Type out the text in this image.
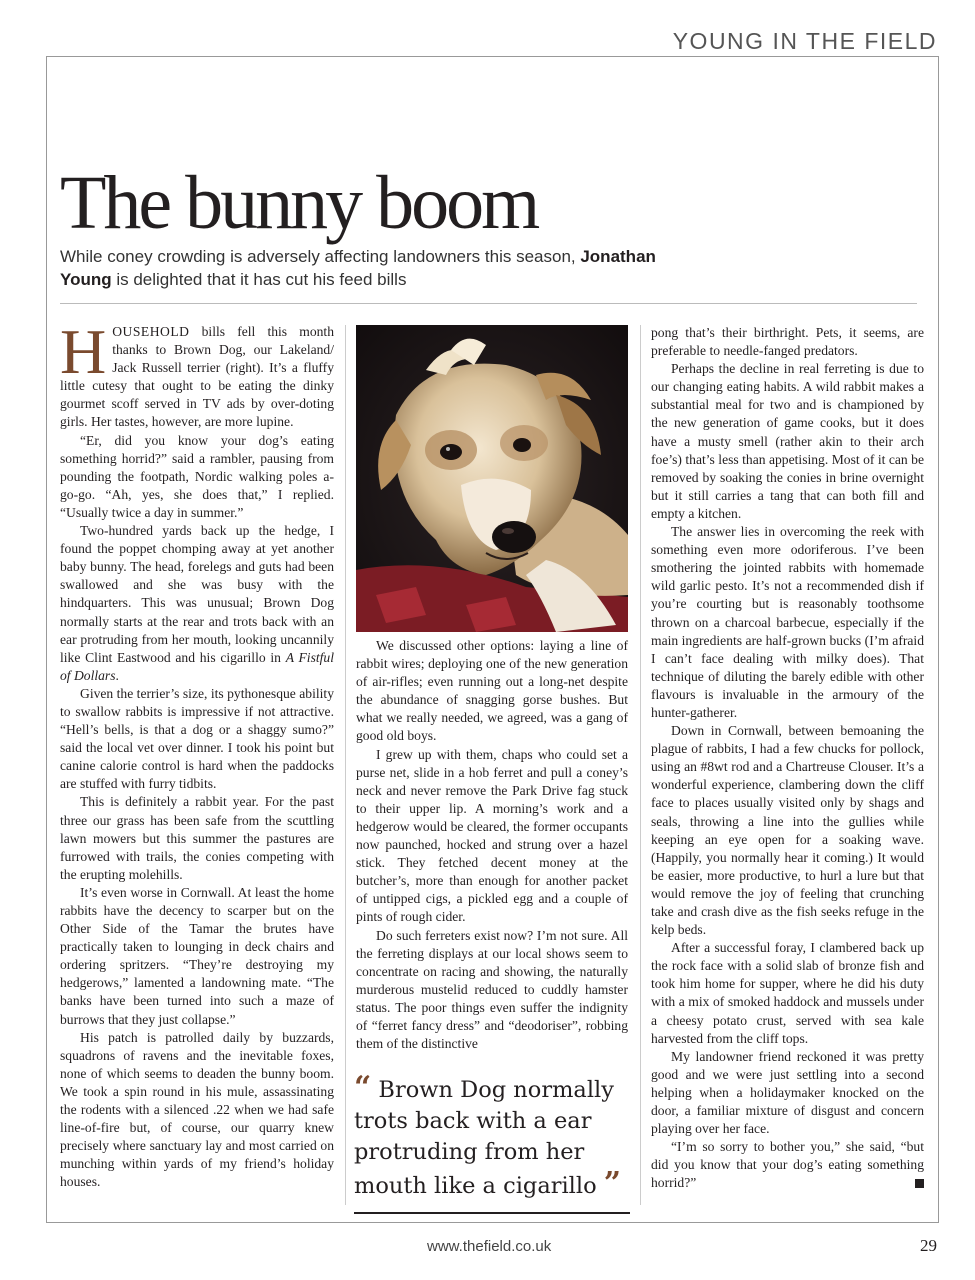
YOUNG IN THE FIELD
The bunny boom
While coney crowding is adversely affecting landowners this season, Jonathan Young is delighted that it has cut his feed bills

HOUSEHOLD bills fell this month thanks to Brown Dog, our Lakeland/ Jack Russell terrier (right). It’s a fluffy little cutesy that ought to be eating the dinky gourmet scoff served in TV ads by over-doting girls. Her tastes, however, are more lupine.

“Er, did you know your dog’s eating something horrid?” said a rambler, pausing from pounding the footpath, Nordic walking poles a-go-go. “Ah, yes, she does that,” I replied. “Usually twice a day in summer.”

Two-hundred yards back up the hedge, I found the poppet chomping away at yet another baby bunny. The head, forelegs and guts had been swallowed and she was busy with the hindquarters. This was unusual; Brown Dog normally starts at the rear and trots back with an ear protruding from her mouth, looking uncannily like Clint Eastwood and his cigarillo in A Fistful of Dollars.

Given the terrier’s size, its pythonesque ability to swallow rabbits is impressive if not attractive. “Hell’s bells, is that a dog or a shaggy sumo?” said the local vet over dinner. I took his point but canine calorie control is hard when the paddocks are stuffed with furry tidbits.

This is definitely a rabbit year. For the past three our grass has been safe from the scuttling lawn mowers but this summer the pastures are furrowed with trails, the conies competing with the erupting molehills.

It’s even worse in Cornwall. At least the home rabbits have the decency to scarper but on the Other Side of the Tamar the brutes have practically taken to lounging in deck chairs and ordering spritzers. “They’re destroying my hedgerows,” lamented a landowning mate. “The banks have been turned into such a maze of burrows that they just collapse.”

His patch is patrolled daily by buzzards, squadrons of ravens and the inevitable foxes, none of which seems to deaden the bunny boom. We took a spin round in his mule, assassinating the rodents with a silenced .22 when we had safe line-of-fire but, of course, our quarry knew precisely where sanctuary lay and most carried on munching within yards of my friend’s holiday houses.

We discussed other options: laying a line of rabbit wires; deploying one of the new generation of air-rifles; even running out a long-net despite the abundance of snagging gorse bushes. But what we really needed, we agreed, was a gang of good old boys.

I grew up with them, chaps who could set a purse net, slide in a hob ferret and pull a coney’s neck and never remove the Park Drive fag stuck to their upper lip. A morning’s work and a hedgerow would be cleared, the former occupants now paunched, hocked and strung over a hazel stick. They fetched decent money at the butcher’s, more than enough for another packet of untipped cigs, a pickled egg and a couple of pints of rough cider.

Do such ferreters exist now? I’m not sure. All the ferreting displays at our local shows seem to concentrate on racing and showing, the naturally murderous mustelid reduced to cuddly hamster status. The poor things even suffer the indignity of “ferret fancy dress” and “deodoriser”, robbing them of the distinctive

“ Brown Dog normally trots back with a ear protruding from her mouth like a cigarillo ”

pong that’s their birthright. Pets, it seems, are preferable to needle-fanged predators.

Perhaps the decline in real ferreting is due to our changing eating habits. A wild rabbit makes a substantial meal for two and is championed by the new generation of game cooks, but it does have a musty smell (rather akin to their arch foe’s) that’s less than appetising. Most of it can be removed by soaking the conies in brine overnight but it still carries a tang that can both fill and empty a kitchen.

The answer lies in overcoming the reek with something even more odoriferous. I’ve been smothering the jointed rabbits with homemade wild garlic pesto. It’s not a recommended dish if you’re courting but is reasonably toothsome thrown on a charcoal barbecue, especially if the main ingredients are half-grown bucks (I’m afraid I can’t face dealing with milky does). That technique of diluting the barely edible with other flavours is invaluable in the armoury of the hunter-gatherer.

Down in Cornwall, between bemoaning the plague of rabbits, I had a few chucks for pollock, using an #8wt rod and a Chartreuse Clouser. It’s a wonderful experience, clambering down the cliff face to places usually visited only by shags and seals, throwing a line into the gullies while keeping an eye open for a soaking wave. (Happily, you normally hear it coming.) It would be easier, more productive, to hurl a lure but that would remove the joy of feeling that crunching take and crash dive as the fish seeks refuge in the kelp beds.

After a successful foray, I clambered back up the rock face with a solid slab of bronze fish and took him home for supper, where he did his duty with a mix of smoked haddock and mussels under a cheesy potato crust, served with sea kale harvested from the cliff tops.

My landowner friend reckoned it was pretty good and we were just settling into a second helping when a holidaymaker knocked on the door, a familiar mixture of disgust and concern playing over her face.

“I’m so sorry to bother you,” she said, “but did you know that your dog’s eating something horrid?”

www.thefield.co.uk	29
